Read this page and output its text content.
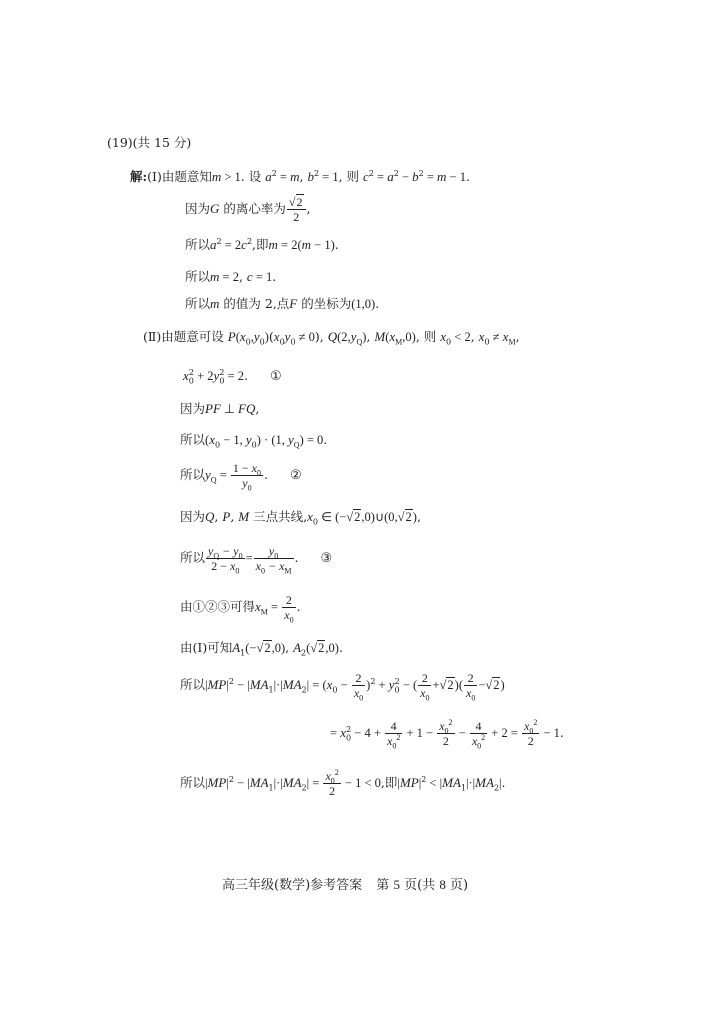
(19)(共 15 分)
解:(Ⅰ)由题意知m > 1. 设 $a^2 = m$, $b^2 = 1$, 则 $c^2 = a^2 - b^2 = m - 1$.
因为G 的离心率为 $\frac{√2}{2}$ ,
所以$a^2 = 2c^2$,即m = 2(m − 1).
所以m = 2, c = 1.
所以m 的值为 2,点F 的坐标为(1,0).
(Ⅱ)由题意可设 $P(x_0,y_0)(x_0y_0 \ne 0)$, $Q(2,y_Q)$, $M(x_M,0)$, 则 $x_0 < 2$, $x_0 \ne x_M$,
$x_0^2 + 2y_0^2 = 2$. ①
因为PF ⊥ FQ,
所以($x_0 - 1$, $y_0) \cdot (1$, $y_Q) = 0$.
所以$y_Q = \frac{1 - x_0}{y_0}$ . ②
因为Q, P, M 三点共线$,x_0$ ∈ (−√2,0)∪(0,√2),
所以 $\frac{y_Q - y_0}{2 - x_0} = \frac{y_0}{x_0 - x_M}$ . ③
由①②③可得$x_M = \frac{2}{x_0}$ .
由(Ⅰ)可知$A_1(-√2,0)$, $A_2(√2,0)$.
所以$|MP|^2 - |MA_1|\cdot|MA_2| = (x_0 - \frac{2}{x_0} )^2 + y_0^2$ − ( $\frac{2}{x_0} +√2)( \frac{2}{x_0} -√2)$
= $x_0^2 - 4 + \frac{4}{x_0^2} + 1 - \frac{x_0^2}{2} - \frac{4}{x_0^2} + 2 = \frac{x_0^2}{2} - 1$.
所以$|MP|^2 - |MA_1|\cdot|MA_2| = \frac{x_0^2}{2} - 1 < 0$,即$|MP|^2 < |MA_1|\cdot|MA_2|$.
高三年级(数学)参考答案 第 5 页(共 8 页)
